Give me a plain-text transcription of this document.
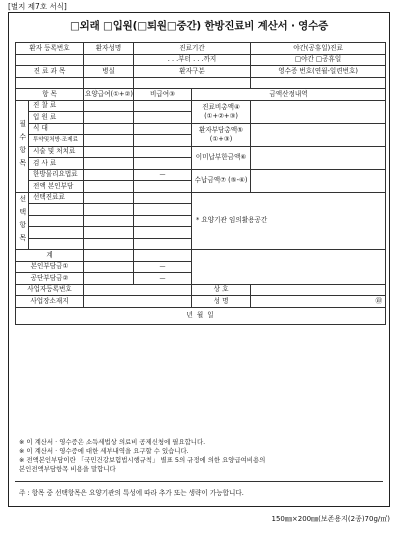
[별지 제7호 서식]
□외래 □입원(□퇴원□중간) 한방진료비 계산서 · 영수증
환자 등록번호		환자성명	진료기간		야간(공휴일)진료
			. . .부터 . . .까지		□야간 □공휴일
진 료 과 목		병실	환자구분		영수증 번호(연월-일련번호)

항 목		요양급여(①+②)	비급여③	금액산정내역	
필수항목	진 찰 료			진료비총액④ (①+②+③)	
	입 원 료				
	식 대			환자부담총액⑤ (①+③)	
	투약및처방·조제료				
	시술 및 처치료			이미납부한금액⑥	
	검 사 료				
	한방물리요법료		—	수납금액⑦ (⑤-⑥)	
	전액 본인부담				
선택항목	선택진료료			* 요양기관 임의활용공간	

계					
본인부담금①			—		
공단부담금②			—		
사업자등록번호				상 호	
사업장소재지				성 명	㊞
년 월 일					
※ 이 계산서 · 영수증은 소득세법상 의료비 공제신청에 필요합니다.
※ 이 계산서 · 영수증에 대한 세부내역을 요구할 수 있습니다.
※ 전액본인부담이란 「국민건강보험법시행규칙」 별표 5의 규정에 의한 요양급여비용의
본인전액부담항목 비용을 말합니다
주 : 항목 중 선택항목은 요양기관의 특성에 따라 추가 또는 생략이 가능합니다.
150㎜×200㎜(보존용지(2종)70g/㎡)
